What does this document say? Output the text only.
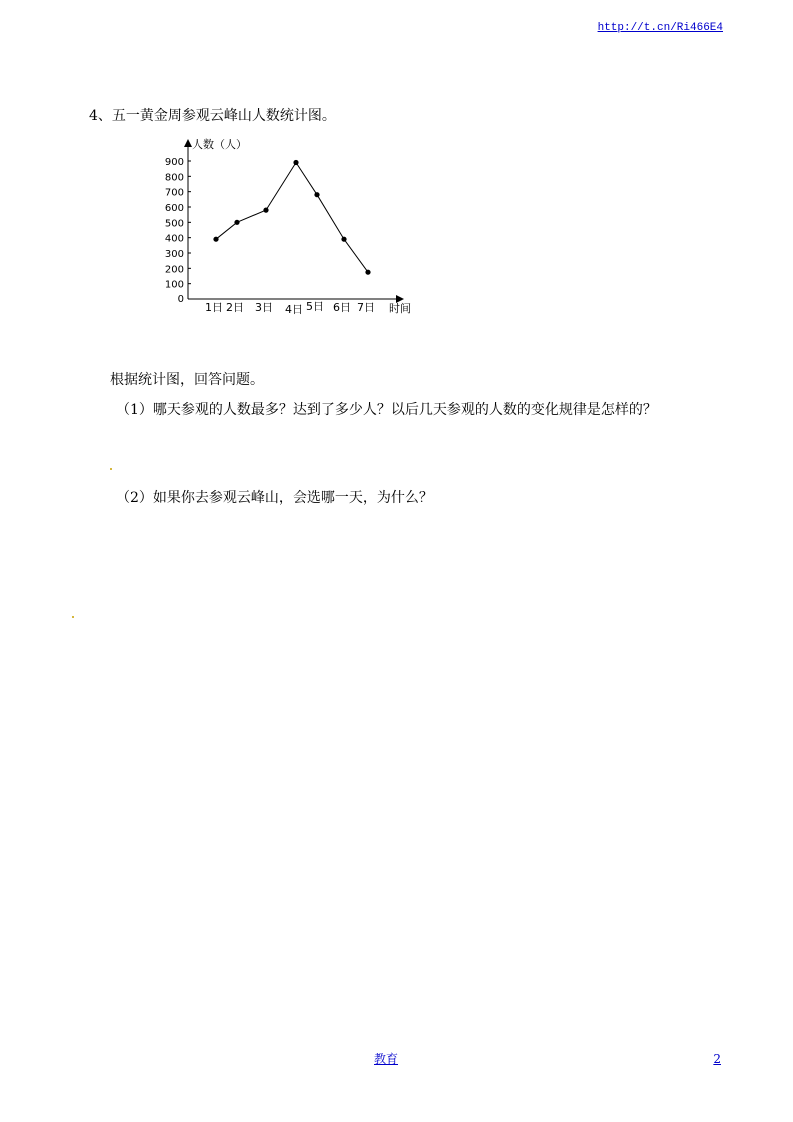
http://t.cn/Ri466E4
4、五一黄金周参观云峰山人数统计图。
人数（人）
时间
0
100
200
300
400
500
600
700
800
900
1日 2日 3日 4日 5日 6日 7日
根据统计图，回答问题。
（1）哪天参观的人数最多？达到了多少人？以后几天参观的人数的变化规律是怎样的？
（2）如果你去参观云峰山，会选哪一天，为什么？
教育	2
